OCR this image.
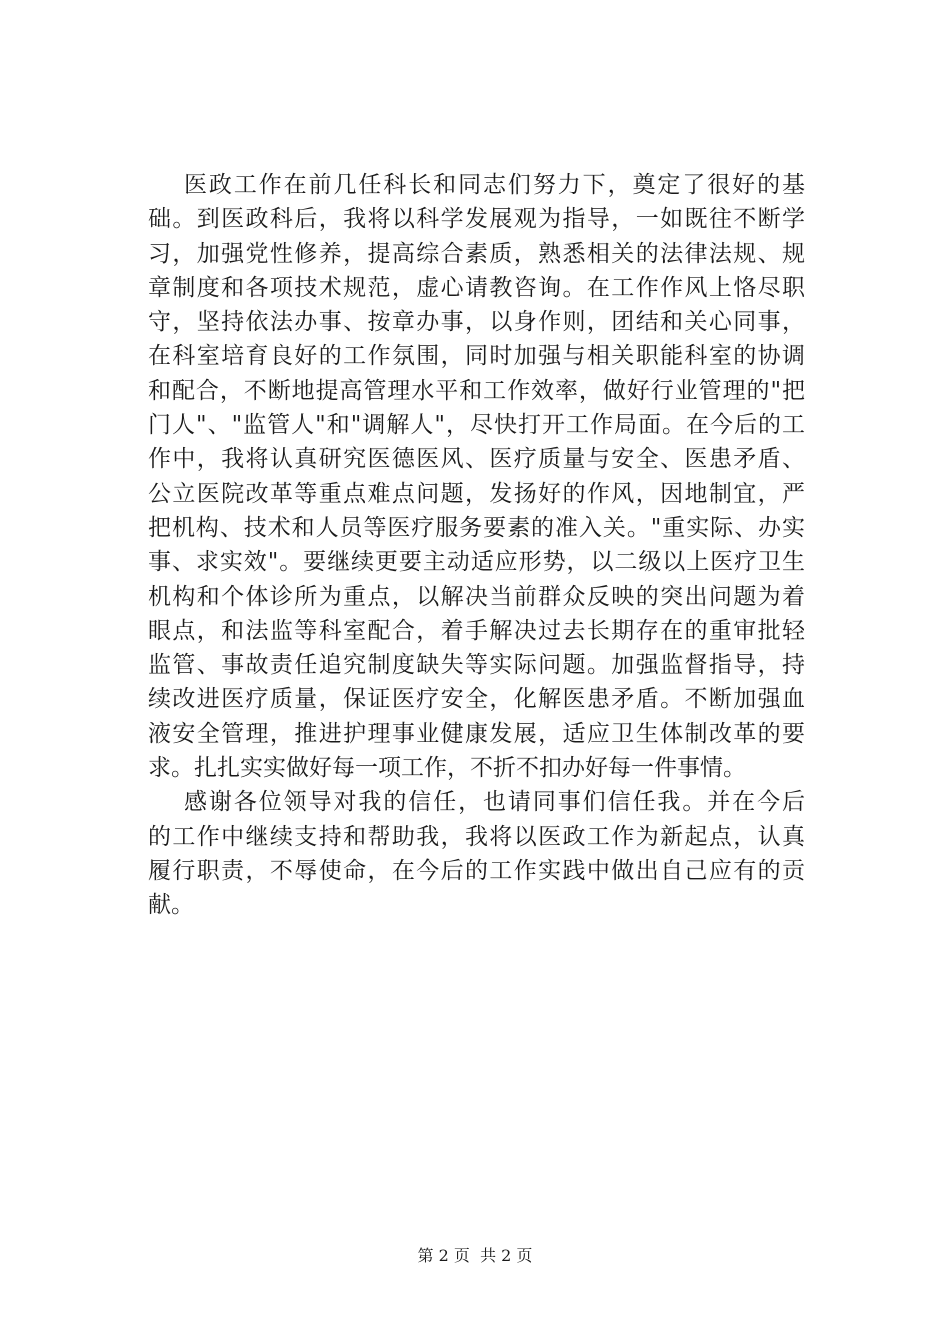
医政工作在前几任科长和同志们努力下，奠定了很好的基
础。到医政科后，我将以科学发展观为指导，一如既往不断学
习，加强党性修养，提高综合素质，熟悉相关的法律法规、规
章制度和各项技术规范，虚心请教咨询。在工作作风上恪尽职
守，坚持依法办事、按章办事，以身作则，团结和关心同事，
在科室培育良好的工作氛围，同时加强与相关职能科室的协调
和配合，不断地提高管理水平和工作效率，做好行业管理的"把
门人"、"监管人"和"调解人"，尽快打开工作局面。在今后的工
作中，我将认真研究医德医风、医疗质量与安全、医患矛盾、
公立医院改革等重点难点问题，发扬好的作风，因地制宜，严
把机构、技术和人员等医疗服务要素的准入关。"重实际、办实
事、求实效"。要继续更要主动适应形势，以二级以上医疗卫生
机构和个体诊所为重点，以解决当前群众反映的突出问题为着
眼点，和法监等科室配合，着手解决过去长期存在的重审批轻
监管、事故责任追究制度缺失等实际问题。加强监督指导，持
续改进医疗质量，保证医疗安全，化解医患矛盾。不断加强血
液安全管理，推进护理事业健康发展，适应卫生体制改革的要
求。扎扎实实做好每一项工作，不折不扣办好每一件事情。
感谢各位领导对我的信任，也请同事们信任我。并在今后
的工作中继续支持和帮助我，我将以医政工作为新起点，认真
履行职责，不辱使命，在今后的工作实践中做出自己应有的贡
献。
第 2 页  共 2 页
